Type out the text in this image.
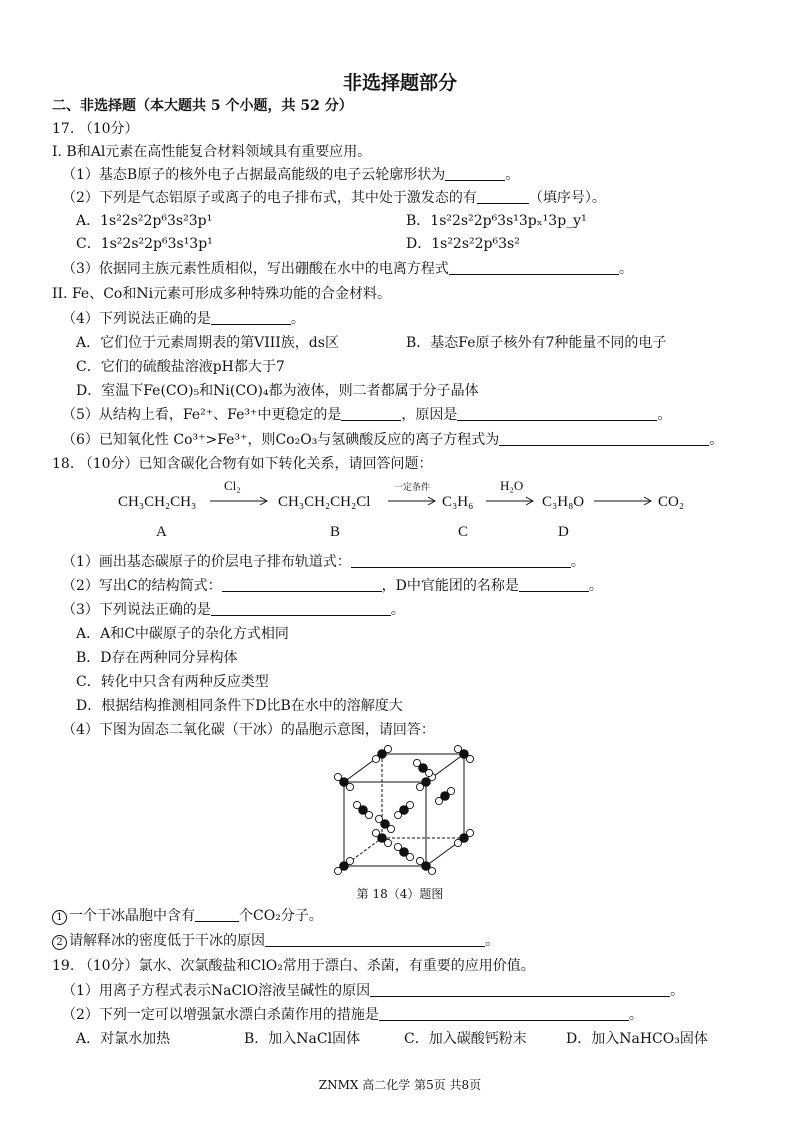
非选择题部分
二、非选择题（本大题共 5 个小题，共 52 分）
17. （10分）
I. B和Al元素在高性能复合材料领域具有重要应用。
（1）基态B原子的核外电子占据最高能级的电子云轮廓形状为	。
（2）下列是气态铝原子或离子的电子排布式，其中处于激发态的有	（填序号）。
A．1s²2s²2p⁶3s²3p¹	B．1s²2s²2p⁶3s¹3pₓ¹3p_y¹
C．1s²2s²2p⁶3s¹3p¹	D．1s²2s²2p⁶3s²
（3）依据同主族元素性质相似，写出硼酸在水中的电离方程式	。
II. Fe、Co和Ni元素可形成多种特殊功能的合金材料。
（4）下列说法正确的是	。
A．它们位于元素周期表的第VIII族，ds区	B．基态Fe原子核外有7种能量不同的电子
C．它们的硫酸盐溶液pH都大于7
D．室温下Fe(CO)₅和Ni(CO)₄都为液体，则二者都属于分子晶体
（5）从结构上看，Fe²⁺、Fe³⁺中更稳定的是	，原因是	。
（6）已知氧化性 Co³⁺>Fe³⁺，则Co₂O₃与氢碘酸反应的离子方程式为	。
18. （10分）已知含碳化合物有如下转化关系，请回答问题：
CH₃CH₂CH₃
Cl₂
CH₃CH₂CH₂Cl
一定条件
C₃H₆
H₂O
C₃H₈O	CO₂
A	B	C	D
（1）画出基态碳原子的价层电子排布轨道式：	。
（2）写出C的结构简式：	，D中官能团的名称是	。
（3）下列说法正确的是	。
A．A和C中碳原子的杂化方式相同
B．D存在两种同分异构体
C．转化中只含有两种反应类型
D．根据结构推测相同条件下D比B在水中的溶解度大
（4）下图为固态二氧化碳（干冰）的晶胞示意图，请回答：
第 18（4）题图
1 一个干冰晶胞中含有	个CO₂分子。
2 请解释冰的密度低于干冰的原因	。
19. （10分）氯水、次氯酸盐和ClO₂常用于漂白、杀菌，有重要的应用价值。
（1）用离子方程式表示NaClO溶液呈碱性的原因	。
（2）下列一定可以增强氯水漂白杀菌作用的措施是	。
A．对氯水加热	B．加入NaCl固体	C．加入碳酸钙粉末	D．加入NaHCO₃固体
ZNMX 高二化学 第5页 共8页
